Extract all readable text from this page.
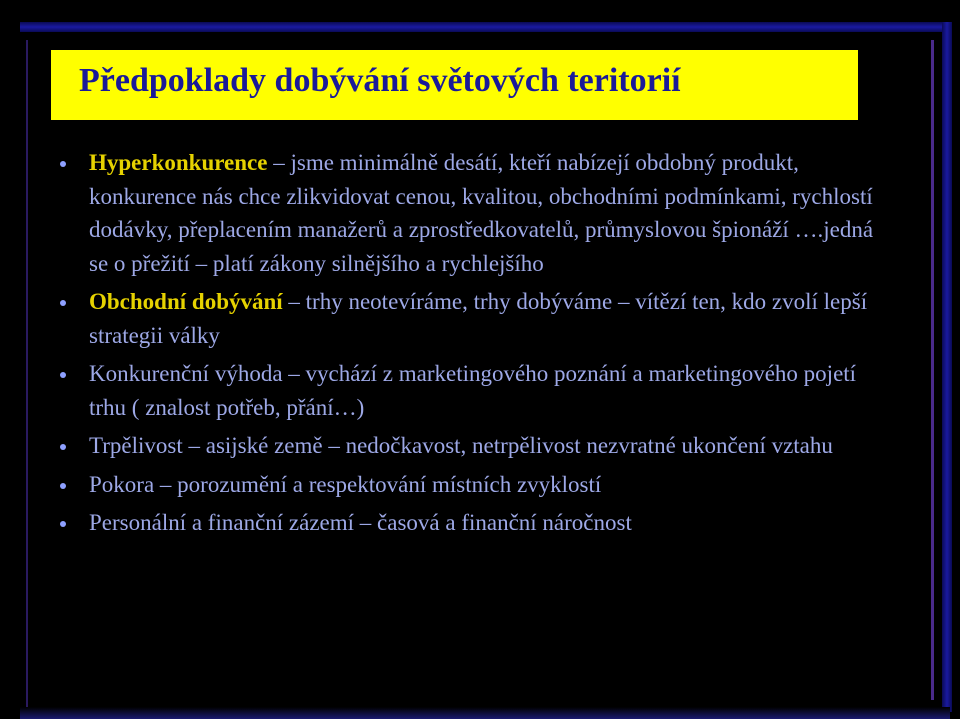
Předpoklady dobývání světových teritorií
Hyperkonkurence – jsme minimálně desátí, kteří nabízejí obdobný produkt, konkurence nás chce zlikvidovat cenou, kvalitou, obchodními podmínkami, rychlostí dodávky, přeplacením manažerů a zprostředkovatelů, průmyslovou špionáží ….jedná se o přežití – platí zákony silnějšího a rychlejšího
Obchodní dobývání – trhy neotevíráme, trhy dobýváme – vítězí ten, kdo zvolí lepší strategii války
Konkurenční výhoda – vychází z marketingového poznání a marketingového pojetí trhu ( znalost potřeb, přání…)
Trpělivost – asijské země – nedočkavost, netrpělivost nezvratné ukončení vztahu
Pokora – porozumění a respektování místních zvyklostí
Personální a finanční zázemí – časová a finanční náročnost
